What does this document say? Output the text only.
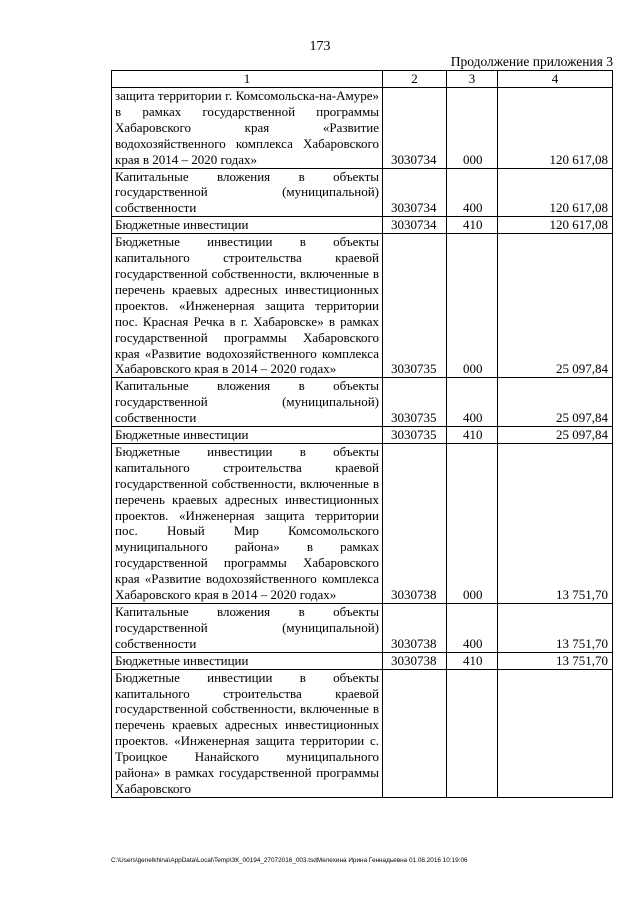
173
Продолжение приложения 3
1	2	3	4
защита территории г. Комсомольска-на-Амуре» в рамках государственной программы Хабаровского края «Развитие водохозяйственного комплекса Хабаровского края в 2014 – 2020 годах»	3030734	000	120 617,08
Капитальные вложения в объекты государственной (муниципальной) собственности	3030734	400	120 617,08
Бюджетные инвестиции	3030734	410	120 617,08
Бюджетные инвестиции в объекты капитального строительства краевой государственной собственности, включенные в перечень краевых адресных инвестиционных проектов. «Инженерная защита территории пос. Красная Речка в г. Хабаровске» в рамках государственной программы Хабаровского края «Развитие водохозяйственного комплекса Хабаровского края в 2014 – 2020 годах»	3030735	000	25 097,84
Капитальные вложения в объекты государственной (муниципальной) собственности	3030735	400	25 097,84
Бюджетные инвестиции	3030735	410	25 097,84
Бюджетные инвестиции в объекты капитального строительства краевой государственной собственности, включенные в перечень краевых адресных инвестиционных проектов. «Инженерная защита территории пос. Новый Мир Комсомольского муниципального района» в рамках государственной программы Хабаровского края «Развитие водохозяйственного комплекса Хабаровского края в 2014 – 2020 годах»	3030738	000	13 751,70
Капитальные вложения в объекты государственной (муниципальной) собственности	3030738	400	13 751,70
Бюджетные инвестиции	3030738	410	13 751,70
Бюджетные инвестиции в объекты капитального строительства краевой государственной собственности, включенные в перечень краевых адресных инвестиционных проектов. «Инженерная защита территории с. Троицкое Нанайского муниципального района» в рамках государственной программы Хабаровского			
C:\Users\genelkhina\AppData\Local\Temp\ЗК_00194_27072016_003.tsdМелехина Ирина Геннадьевна 01.08.2016 10:19:06
